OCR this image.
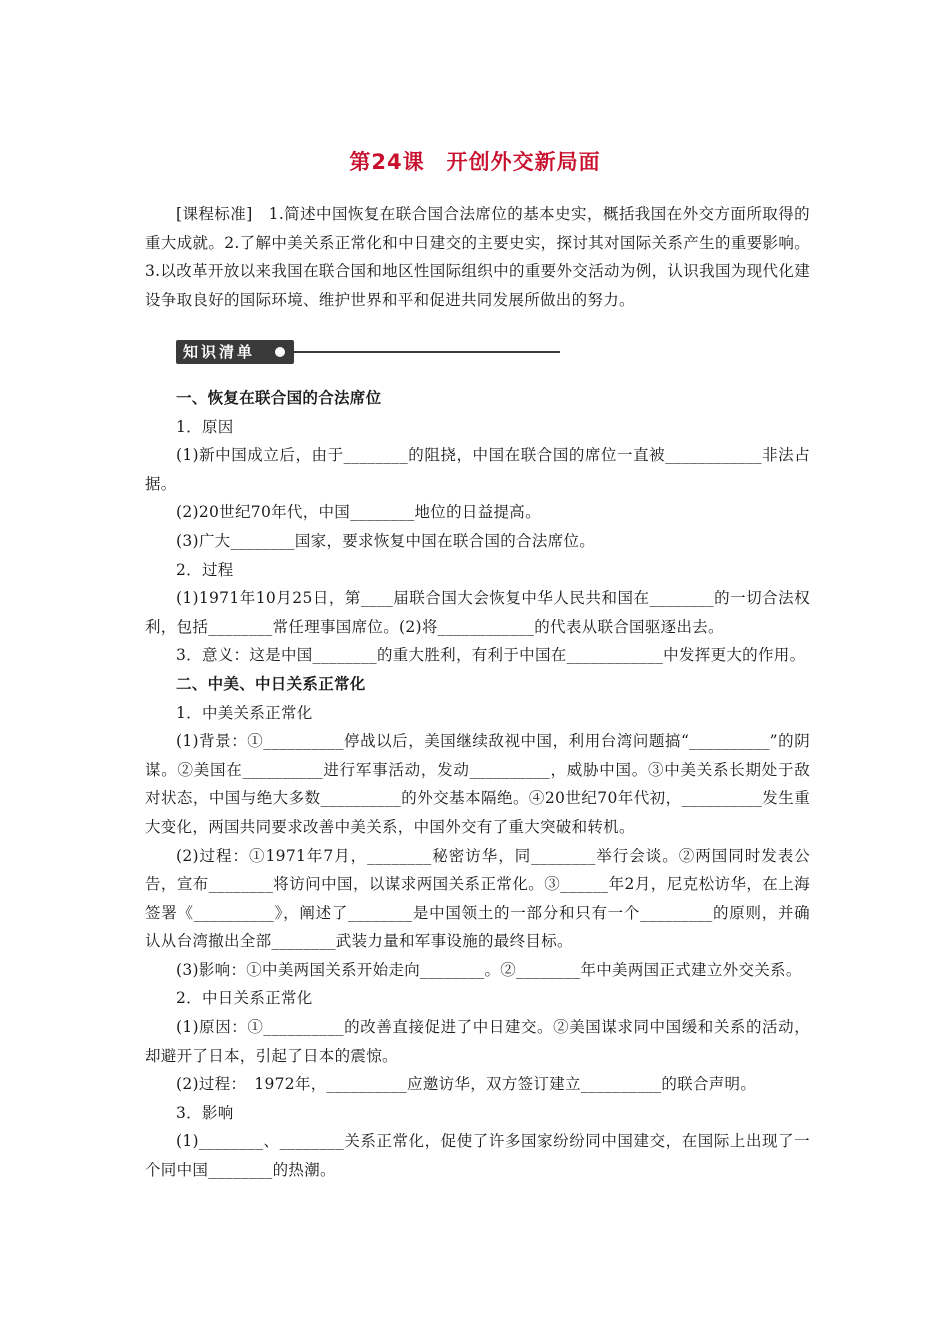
第24课　开创外交新局面
[课程标准]　1.简述中国恢复在联合国合法席位的基本史实，概括我国在外交方面所取得的重大成就。2.了解中美关系正常化和中日建交的主要史实，探讨其对国际关系产生的重要影响。3.以改革开放以来我国在联合国和地区性国际组织中的重要外交活动为例，认识我国为现代化建设争取良好的国际环境、维护世界和平和促进共同发展所做出的努力。
知识清单

一、恢复在联合国的合法席位

1．原因

(1)新中国成立后，由于________的阻挠，中国在联合国的席位一直被____________非法占据。

(2)20世纪70年代，中国________地位的日益提高。

(3)广大________国家，要求恢复中国在联合国的合法席位。

2．过程

(1)1971年10月25日，第____届联合国大会恢复中华人民共和国在________的一切合法权利，包括________常任理事国席位。(2)将____________的代表从联合国驱逐出去。

3．意义：这是中国________的重大胜利，有利于中国在____________中发挥更大的作用。

二、中美、中日关系正常化

1．中美关系正常化

(1)背景：①__________停战以后，美国继续敌视中国，利用台湾问题搞“__________”的阴谋。②美国在__________进行军事活动，发动__________，威胁中国。③中美关系长期处于敌对状态，中国与绝大多数__________的外交基本隔绝。④20世纪70年代初，__________发生重大变化，两国共同要求改善中美关系，中国外交有了重大突破和转机。

(2)过程：①1971年7月，________秘密访华，同________举行会谈。②两国同时发表公告，宣布________将访问中国，以谋求两国关系正常化。③______年2月，尼克松访华，在上海签署《__________》，阐述了________是中国领土的一部分和只有一个_________的原则，并确认从台湾撤出全部________武装力量和军事设施的最终目标。

(3)影响：①中美两国关系开始走向________。②________年中美两国正式建立外交关系。

2．中日关系正常化

(1)原因：①__________的改善直接促进了中日建交。②美国谋求同中国缓和关系的活动，却避开了日本，引起了日本的震惊。

(2)过程：　1972年，__________应邀访华，双方签订建立__________的联合声明。

3．影响

(1)________、________关系正常化，促使了许多国家纷纷同中国建交，在国际上出现了一个同中国________的热潮。
